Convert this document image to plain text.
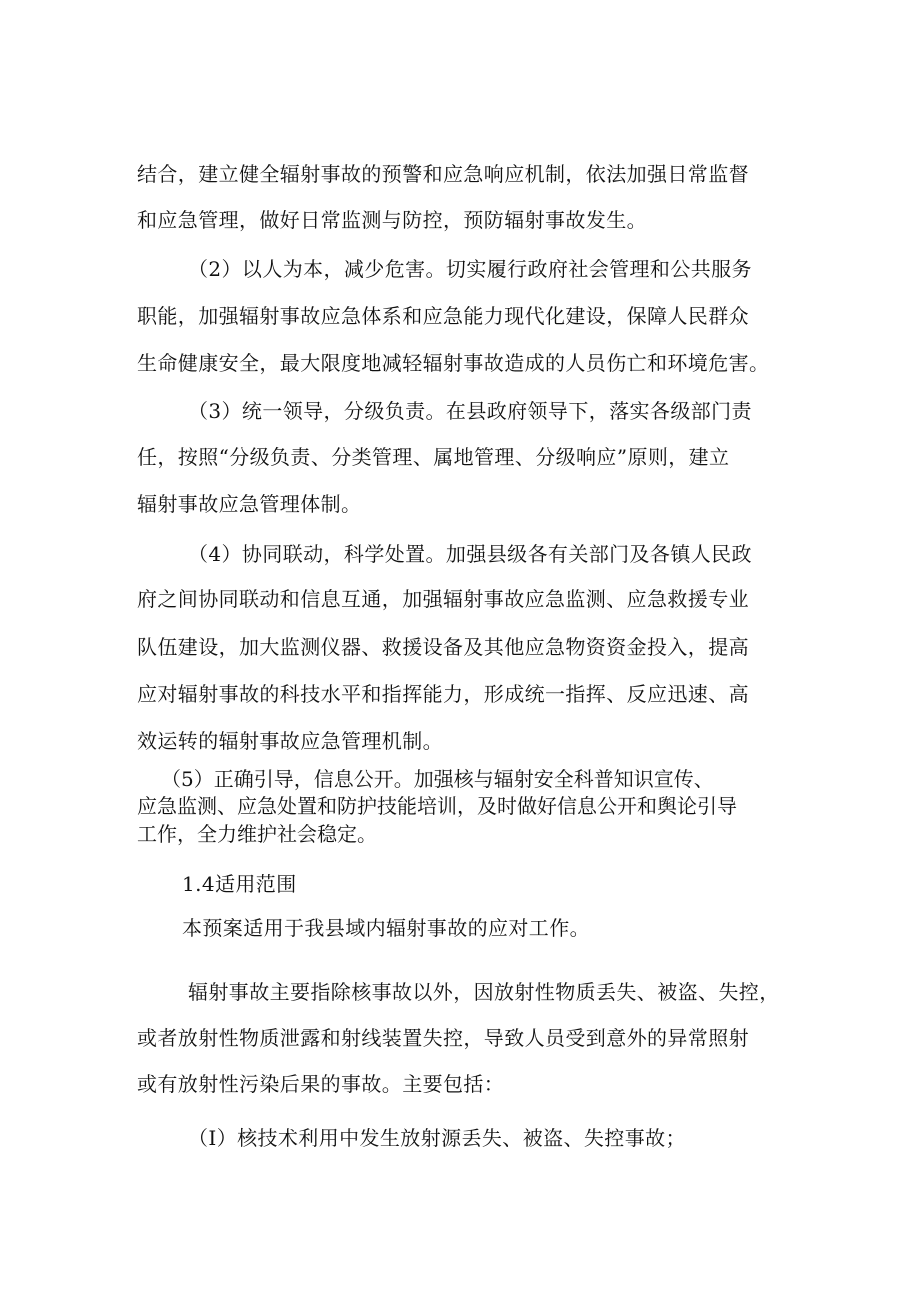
结合，建立健全辐射事故的预警和应急响应机制，依法加强日常监督
和应急管理，做好日常监测与防控，预防辐射事故发生。
（2）以人为本，减少危害。切实履行政府社会管理和公共服务
职能，加强辐射事故应急体系和应急能力现代化建设，保障人民群众
生命健康安全，最大限度地减轻辐射事故造成的人员伤亡和环境危害。
（3）统一领导，分级负责。在县政府领导下，落实各级部门责
任，按照“分级负责、分类管理、属地管理、分级响应”原则，建立
辐射事故应急管理体制。
（4）协同联动，科学处置。加强县级各有关部门及各镇人民政
府之间协同联动和信息互通，加强辐射事故应急监测、应急救援专业
队伍建设，加大监测仪器、救援设备及其他应急物资资金投入，提高
应对辐射事故的科技水平和指挥能力，形成统一指挥、反应迅速、高
效运转的辐射事故应急管理机制。
（5）正确引导，信息公开。加强核与辐射安全科普知识宣传、
应急监测、应急处置和防护技能培训，及时做好信息公开和舆论引导
工作，全力维护社会稳定。
1.4适用范围
本预案适用于我县域内辐射事故的应对工作。
辐射事故主要指除核事故以外，因放射性物质丢失、被盗、失控，
或者放射性物质泄露和射线装置失控，导致人员受到意外的异常照射
或有放射性污染后果的事故。主要包括：
（I）核技术利用中发生放射源丢失、被盗、失控事故；
